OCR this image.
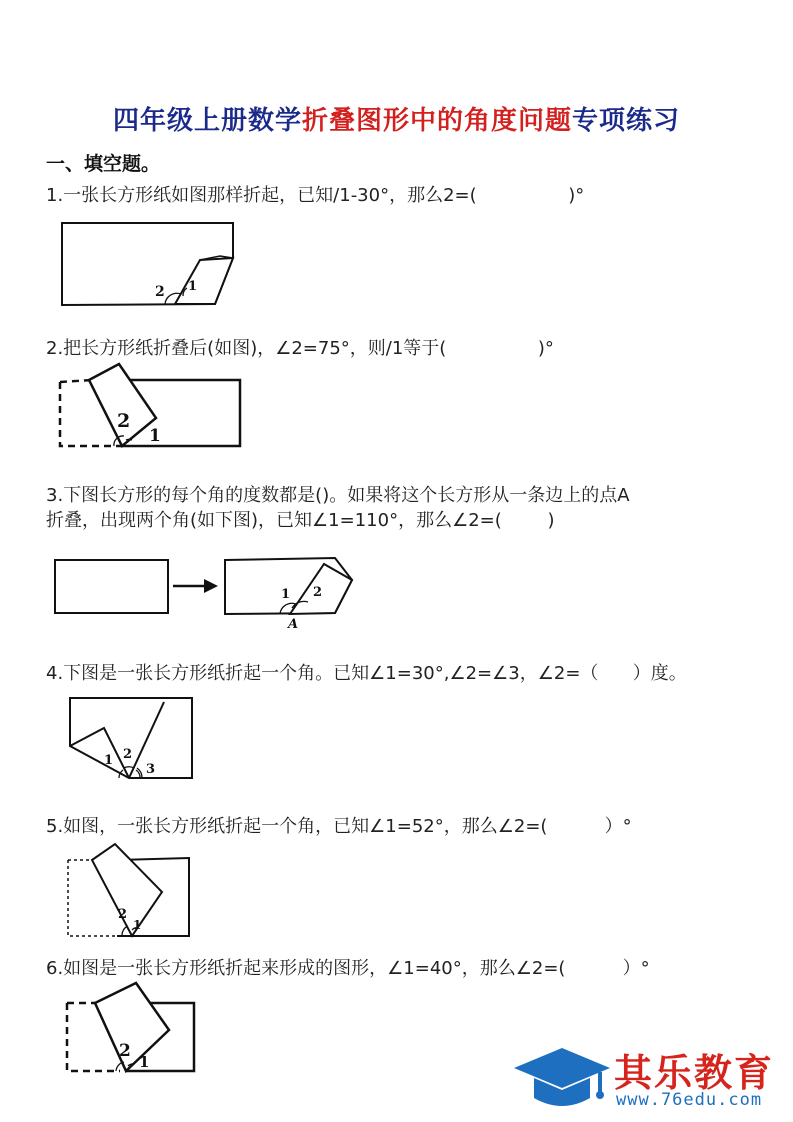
四年级上册数学折叠图形中的角度问题专项练习
一、填空题。
1.一张长方形纸如图那样折起，已知/1-30°，那么2=(                )°
2 1
2.把长方形纸折叠后(如图)，∠2=75°，则/1等于(                )°
2
1
3.下图长方形的每个角的度数都是()。如果将这个长方形从一条边上的点A
折叠，出现两个角(如下图)，已知∠1=110°，那么∠2=(        )
1 2
A
4.下图是一张长方形纸折起一个角。已知∠1=30°,∠2=∠3，∠2=（      ）度。
1 2
3
5.如图，一张长方形纸折起一个角，已知∠1=52°，那么∠2=(          ）°
2
1
6.如图是一张长方形纸折起来形成的图形，∠1=40°，那么∠2=(          ）°
2
1	其乐教育
www.76edu.com
